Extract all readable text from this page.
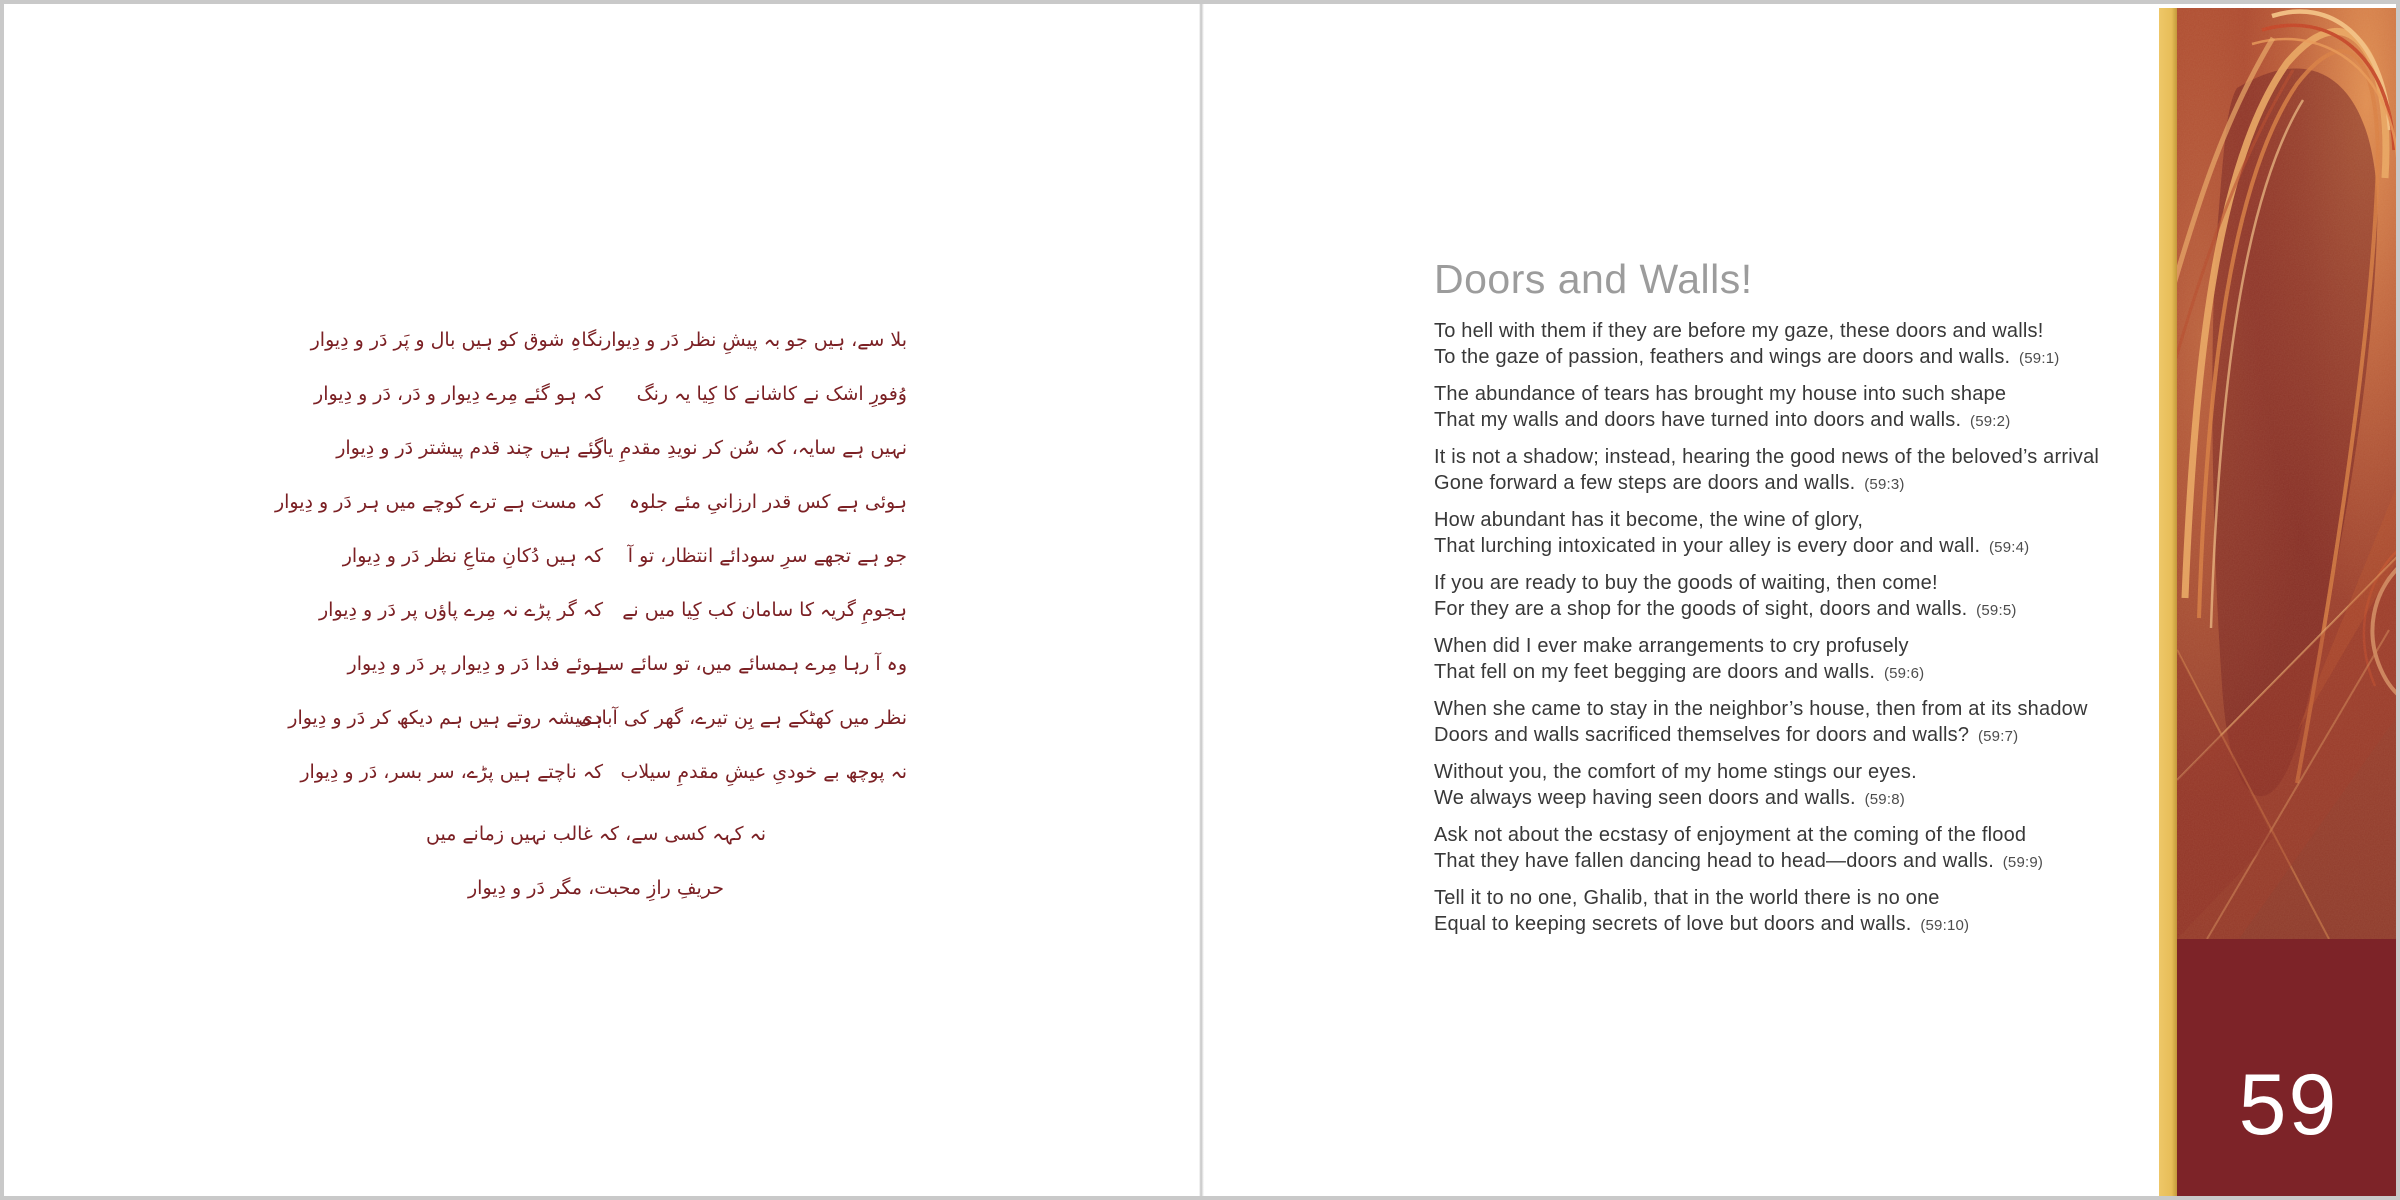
بلا سے، ہیں جو بہ پیشِ نظر دَر و دِیوار
نگاہِ شوق کو ہیں بال و پَر دَر و دِیوار
وُفورِ اشک نے کاشانے کا کِیا یہ رنگ
کہ ہو گئے مِرے دِیوار و دَر، دَر و دِیوار
نہیں ہے سایہ، کہ سُن کر نویدِ مقدمِ یار
گئے ہیں چند قدم پیشتر دَر و دِیوار
ہوئی ہے کس قدر ارزانیِ مئے جلوہ
کہ مست ہے ترے کوچے میں ہر دَر و دِیوار
جو ہے تجھے سرِ سودائے انتظار، تو آ
کہ ہیں دُکانِ متاعِ نظر دَر و دِیوار
ہجومِ گریہ کا سامان کب کِیا میں نے
کہ گر پڑے نہ مِرے پاؤں پر دَر و دِیوار
وہ آ رہا مِرے ہمسائے میں، تو سائے سے
ہوئے فدا دَر و دِیوار پر دَر و دِیوار
نظر میں کھٹکے ہے بِن تیرے، گھر کی آبادی
ہمیشہ روتے ہیں ہم دیکھ کر دَر و دِیوار
نہ پوچھ بے خودیِ عیشِ مقدمِ سیلاب
کہ ناچتے ہیں پڑے، سر بسر، دَر و دِیوار
نہ کہہ کسی سے، کہ غالب نہیں زمانے میں
حریفِ رازِ محبت، مگر دَر و دِیوار
Doors and Walls!
To hell with them if they are before my gaze, these doors and walls!
To the gaze of passion, feathers and wings are doors and walls. (59:1)
The abundance of tears has brought my house into such shape
That my walls and doors have turned into doors and walls. (59:2)
It is not a shadow; instead, hearing the good news of the beloved’s arrival
Gone forward a few steps are doors and walls. (59:3)
How abundant has it become, the wine of glory,
That lurching intoxicated in your alley is every door and wall. (59:4)
If you are ready to buy the goods of waiting, then come!
For they are a shop for the goods of sight, doors and walls. (59:5)
When did I ever make arrangements to cry profusely
That fell on my feet begging are doors and walls. (59:6)
When she came to stay in the neighbor’s house, then from at its shadow
Doors and walls sacrificed themselves for doors and walls? (59:7)
Without you, the comfort of my home stings our eyes.
We always weep having seen doors and walls. (59:8)
Ask not about the ecstasy of enjoyment at the coming of the flood
That they have fallen dancing head to head—doors and walls. (59:9)
Tell it to no one, Ghalib, that in the world there is no one
Equal to keeping secrets of love but doors and walls. (59:10)
59
